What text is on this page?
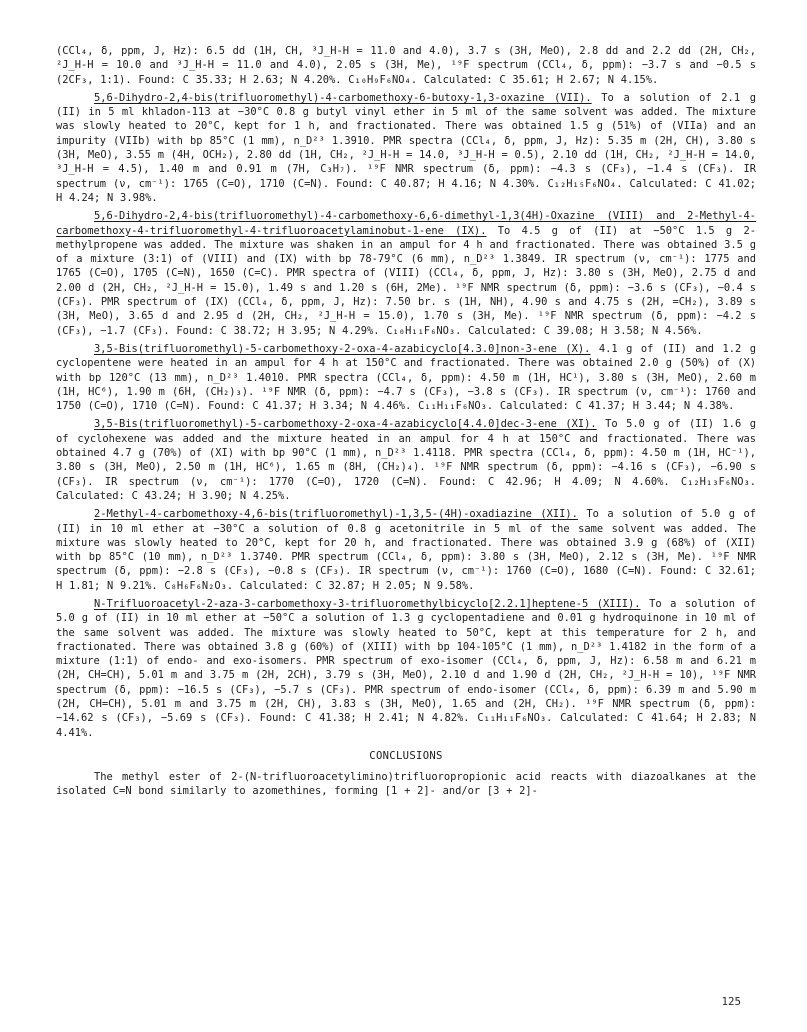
(CCl₄, δ, ppm, J, Hz): 6.5 dd (1H, CH, ³J_H-H = 11.0 and 4.0), 3.7 s (3H, MeO), 2.8 dd and 2.2 dd (2H, CH₂, ²J_H-H = 10.0 and ³J_H-H = 11.0 and 4.0), 2.05 s (3H, Me), ¹⁹F spectrum (CCl₄, δ, ppm): −3.7 s and −0.5 s (2CF₃, 1:1). Found: C 35.33; H 2.63; N 4.20%. C₁₀H₉F₆NO₄. Calculated: C 35.61; H 2.67; N 4.15%.

5,6-Dihydro-2,4-bis(trifluoromethyl)-4-carbomethoxy-6-butoxy-1,3-oxazine (VII). To a solution of 2.1 g (II) in 5 ml khladon-113 at −30°C 0.8 g butyl vinyl ether in 5 ml of the same solvent was added. The mixture was slowly heated to 20°C, kept for 1 h, and fractionated. There was obtained 1.5 g (51%) of (VIIa) and an impurity (VIIb) with bp 85°C (1 mm), n_D²³ 1.3910. PMR spectra (CCl₄, δ, ppm, J, Hz): 5.35 m (2H, CH), 3.80 s (3H, MeO), 3.55 m (4H, OCH₂), 2.80 dd (1H, CH₂, ²J_H-H = 14.0, ³J_H-H = 0.5), 2.10 dd (1H, CH₂, ²J_H-H = 14.0, ³J_H-H = 4.5), 1.40 m and 0.91 m (7H, C₃H₇). ¹⁹F NMR spectrum (δ, ppm): −4.3 s (CF₃), −1.4 s (CF₃). IR spectrum (ν, cm⁻¹): 1765 (C=O), 1710 (C=N). Found: C 40.87; H 4.16; N 4.30%. C₁₂H₁₅F₆NO₄. Calculated: C 41.02; H 4.24; N 3.98%.

5,6-Dihydro-2,4-bis(trifluoromethyl)-4-carbomethoxy-6,6-dimethyl-1,3(4H)-Oxazine (VIII) and 2-Methyl-4-carbomethoxy-4-trifluoromethyl-4-trifluoroacetylaminobut-1-ene (IX). To 4.5 g of (II) at −50°C 1.5 g 2-methylpropene was added. The mixture was shaken in an ampul for 4 h and fractionated. There was obtained 3.5 g of a mixture (3:1) of (VIII) and (IX) with bp 78-79°C (6 mm), n_D²³ 1.3849. IR spectrum (ν, cm⁻¹): 1775 and 1765 (C=O), 1705 (C=N), 1650 (C=C). PMR spectra of (VIII) (CCl₄, δ, ppm, J, Hz): 3.80 s (3H, MeO), 2.75 d and 2.00 d (2H, CH₂, ²J_H-H = 15.0), 1.49 s and 1.20 s (6H, 2Me). ¹⁹F NMR spectrum (δ, ppm): −3.6 s (CF₃), −0.4 s (CF₃). PMR spectrum of (IX) (CCl₄, δ, ppm, J, Hz): 7.50 br. s (1H, NH), 4.90 s and 4.75 s (2H, =CH₂), 3.89 s (3H, MeO), 3.65 d and 2.95 d (2H, CH₂, ²J_H-H = 15.0), 1.70 s (3H, Me). ¹⁹F NMR spectrum (δ, ppm): −4.2 s (CF₃), −1.7 (CF₃). Found: C 38.72; H 3.95; N 4.29%. C₁₀H₁₁F₆NO₃. Calculated: C 39.08; H 3.58; N 4.56%.

3,5-Bis(trifluoromethyl)-5-carbomethoxy-2-oxa-4-azabicyclo[4.3.0]non-3-ene (X). 4.1 g of (II) and 1.2 g cyclopentene were heated in an ampul for 4 h at 150°C and fractionated. There was obtained 2.0 g (50%) of (X) with bp 120°C (13 mm), n_D²³ 1.4010. PMR spectra (CCl₄, δ, ppm): 4.50 m (1H, HC¹), 3.80 s (3H, MeO), 2.60 m (1H, HC⁶), 1.90 m (6H, (CH₂)₃). ¹⁹F NMR (δ, ppm): −4.7 s (CF₃), −3.8 s (CF₃). IR spectrum (ν, cm⁻¹): 1760 and 1750 (C=O), 1710 (C=N). Found: C 41.37; H 3.34; N 4.46%. C₁₁H₁₁F₆NO₃. Calculated: C 41.37; H 3.44; N 4.38%.

3,5-Bis(trifluoromethyl)-5-carbomethoxy-2-oxa-4-azabicyclo[4.4.0]dec-3-ene (XI). To 5.0 g of (II) 1.6 g of cyclohexene was added and the mixture heated in an ampul for 4 h at 150°C and fractionated. There was obtained 4.7 g (70%) of (XI) with bp 90°C (1 mm), n_D²³ 1.4118. PMR spectra (CCl₄, δ, ppm): 4.50 m (1H, HC⁻¹), 3.80 s (3H, MeO), 2.50 m (1H, HC⁶), 1.65 m (8H, (CH₂)₄). ¹⁹F NMR spectrum (δ, ppm): −4.16 s (CF₃), −6.90 s (CF₃). IR spectrum (ν, cm⁻¹): 1770 (C=O), 1720 (C=N). Found: C 42.96; H 4.09; N 4.60%. C₁₂H₁₃F₆NO₃. Calculated: C 43.24; H 3.90; N 4.25%.

2-Methyl-4-carbomethoxy-4,6-bis(trifluoromethyl)-1,3,5-(4H)-oxadiazine (XII). To a solution of 5.0 g of (II) in 10 ml ether at −30°C a solution of 0.8 g acetonitrile in 5 ml of the same solvent was added. The mixture was slowly heated to 20°C, kept for 20 h, and fractionated. There was obtained 3.9 g (68%) of (XII) with bp 85°C (10 mm), n_D²³ 1.3740. PMR spectrum (CCl₄, δ, ppm): 3.80 s (3H, MeO), 2.12 s (3H, Me). ¹⁹F NMR spectrum (δ, ppm): −2.8 s (CF₃), −0.8 s (CF₃). IR spectrum (ν, cm⁻¹): 1760 (C=O), 1680 (C=N). Found: C 32.61; H 1.81; N 9.21%. C₈H₆F₆N₂O₃. Calculated: C 32.87; H 2.05; N 9.58%.

N-Trifluoroacetyl-2-aza-3-carbomethoxy-3-trifluoromethylbicyclo[2.2.1]heptene-5 (XIII). To a solution of 5.0 g of (II) in 10 ml ether at −50°C a solution of 1.3 g cyclopentadiene and 0.01 g hydroquinone in 10 ml of the same solvent was added. The mixture was slowly heated to 50°C, kept at this temperature for 2 h, and fractionated. There was obtained 3.8 g (60%) of (XIII) with bp 104-105°C (1 mm), n_D²³ 1.4182 in the form of a mixture (1:1) of endo- and exo-isomers. PMR spectrum of exo-isomer (CCl₄, δ, ppm, J, Hz): 6.58 m and 6.21 m (2H, CH=CH), 5.01 m and 3.75 m (2H, 2CH), 3.79 s (3H, MeO), 2.10 d and 1.90 d (2H, CH₂, ²J_H-H = 10), ¹⁹F NMR spectrum (δ, ppm): −16.5 s (CF₃), −5.7 s (CF₃). PMR spectrum of endo-isomer (CCl₄, δ, ppm): 6.39 m and 5.90 m (2H, CH=CH), 5.01 m and 3.75 m (2H, CH), 3.83 s (3H, MeO), 1.65 and (2H, CH₂). ¹⁹F NMR spectrum (δ, ppm): −14.62 s (CF₃), −5.69 s (CF₃). Found: C 41.38; H 2.41; N 4.82%. C₁₁H₁₁F₆NO₃. Calculated: C 41.64; H 2.83; N 4.41%.

CONCLUSIONS

The methyl ester of 2-(N-trifluoroacetylimino)trifluoropropionic acid reacts with diazoalkanes at the isolated C=N bond similarly to azomethines, forming [1 + 2]- and/or [3 + 2]-

125
